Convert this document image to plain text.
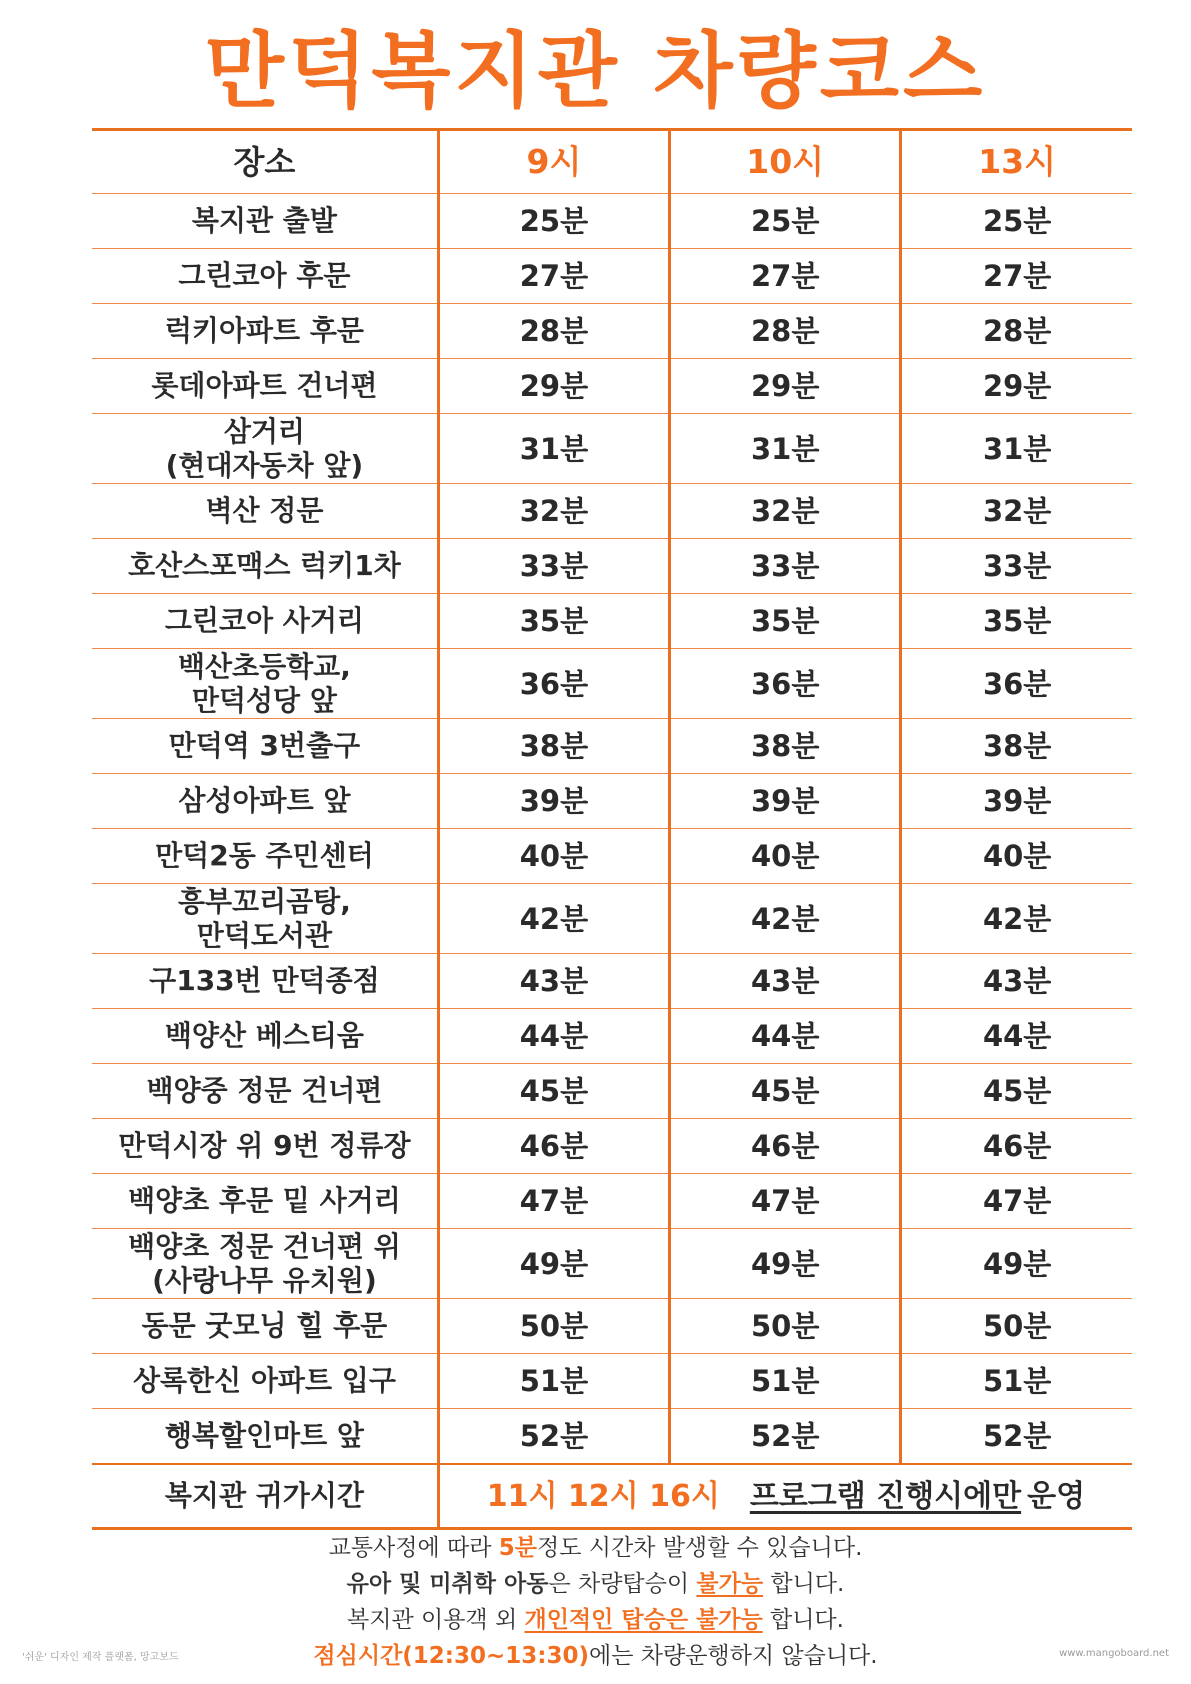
만덕복지관 차량코스
장소	9시	10시	13시
복지관 출발	25분	25분	25분
그린코아 후문	27분	27분	27분
럭키아파트 후문	28분	28분	28분
롯데아파트 건너편	29분	29분	29분

삼거리
(현대자동차 앞)	31분	31분	31분
벽산 정문	32분	32분	32분
호산스포맥스 럭키1차	33분	33분	33분
그린코아 사거리	35분	35분	35분

백산초등학교,
만덕성당 앞	36분	36분	36분
만덕역 3번출구	38분	38분	38분
삼성아파트 앞	39분	39분	39분
만덕2동 주민센터	40분	40분	40분

흥부꼬리곰탕,
만덕도서관	42분	42분	42분
구133번 만덕종점	43분	43분	43분
백양산 베스티움	44분	44분	44분
백양중 정문 건너편	45분	45분	45분
만덕시장 위 9번 정류장	46분	46분	46분
백양초 후문 밑 사거리	47분	47분	47분

백양초 정문 건너편 위
(사랑나무 유치원)	49분	49분	49분
동문 굿모닝 힐 후문	50분	50분	50분
상록한신 아파트 입구	51분	51분	51분
행복할인마트 앞	52분	52분	52분
복지관 귀가시간	11시 12시 16시 프로그램 진행시에만 운영		
교통사정에 따라 5분정도 시간차 발생할 수 있습니다.
유아 및 미취학 아동은 차량탑승이 불가능 합니다.
복지관 이용객 외 개인적인 탑승은 불가능 합니다.
점심시간(12:30~13:30)에는 차량운행하지 않습니다.
'쉬운' 디자인 제작 플랫폼, 망고보드	www.mangoboard.net
